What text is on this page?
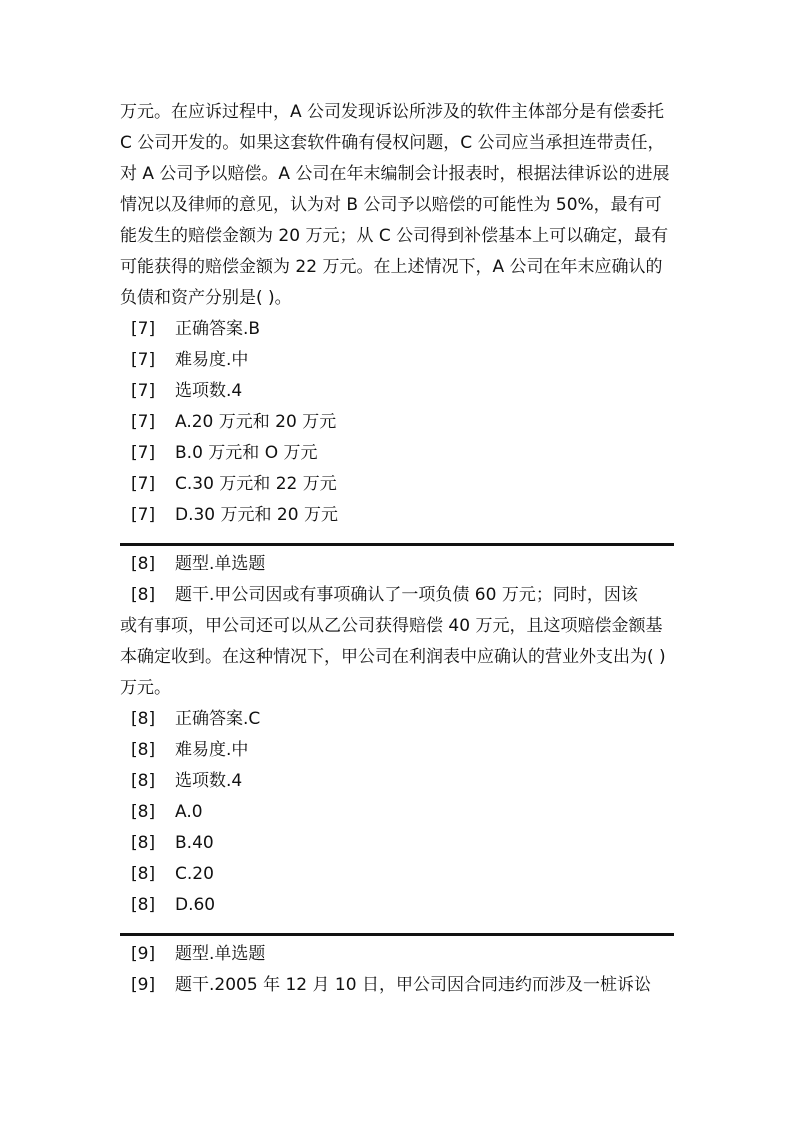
万元。在应诉过程中，A 公司发现诉讼所涉及的软件主体部分是有偿委托 C 公司开发的。如果这套软件确有侵权问题，C 公司应当承担连带责任，对 A 公司予以赔偿。A 公司在年末编制会计报表时，根据法律诉讼的进展情况以及律师的意见，认为对 B 公司予以赔偿的可能性为 50%，最有可能发生的赔偿金额为 20 万元；从 C 公司得到补偿基本上可以确定，最有可能获得的赔偿金额为 22 万元。在上述情况下，A 公司在年末应确认的负债和资产分别是( )。

[7] 正确答案.B
[7] 难易度.中
[7] 选项数.4
[7] A.20 万元和 20 万元
[7] B.0 万元和 O 万元
[7] C.30 万元和 22 万元
[7] D.30 万元和 20 万元
[8] 题型.单选题
[8] 题干.甲公司因或有事项确认了一项负债 60 万元；同时，因该

或有事项，甲公司还可以从乙公司获得赔偿 40 万元，且这项赔偿金额基本确定收到。在这种情况下，甲公司在利润表中应确认的营业外支出为( )万元。

[8] 正确答案.C
[8] 难易度.中
[8] 选项数.4
[8] A.0
[8] B.40
[8] C.20
[8] D.60
[9] 题型.单选题
[9] 题干.2005 年 12 月 10 日，甲公司因合同违约而涉及一桩诉讼
